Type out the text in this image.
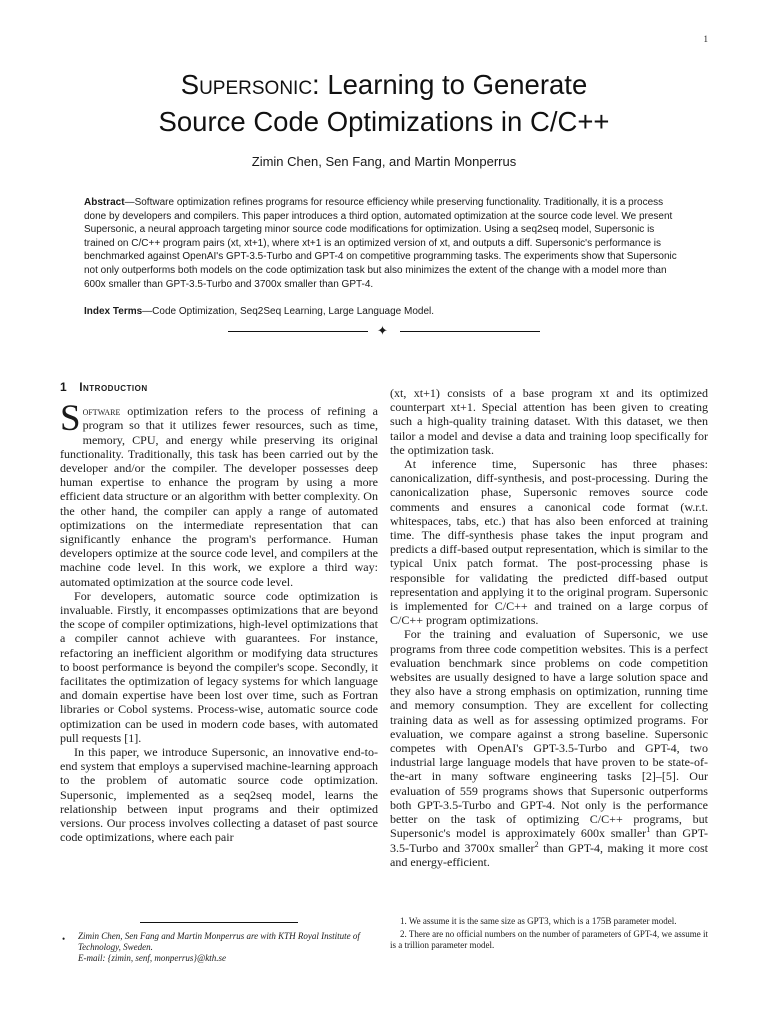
1
Supersonic: Learning to Generate
Source Code Optimizations in C/C++
Zimin Chen, Sen Fang, and Martin Monperrus
Abstract—Software optimization refines programs for resource efficiency while preserving functionality. Traditionally, it is a process done by developers and compilers. This paper introduces a third option, automated optimization at the source code level. We present Supersonic, a neural approach targeting minor source code modifications for optimization. Using a seq2seq model, Supersonic is trained on C/C++ program pairs (xt, xt+1), where xt+1 is an optimized version of xt, and outputs a diff. Supersonic's performance is benchmarked against OpenAI's GPT-3.5-Turbo and GPT-4 on competitive programming tasks. The experiments show that Supersonic not only outperforms both models on the code optimization task but also minimizes the extent of the change with a model more than 600x smaller than GPT-3.5-Turbo and 3700x smaller than GPT-4.
Index Terms—Code Optimization, Seq2Seq Learning, Large Language Model.
✦
1 Introduction

Software optimization refers to the process of refining a program so that it utilizes fewer resources, such as time, memory, CPU, and energy while preserving its original functionality. Traditionally, this task has been carried out by the developer and/or the compiler. The developer possesses deep human expertise to enhance the program by using a more efficient data structure or an algorithm with better complexity. On the other hand, the compiler can apply a range of automated optimizations on the intermediate representation that can significantly enhance the program's performance. Human developers optimize at the source code level, and compilers at the machine code level. In this work, we explore a third way: automated optimization at the source code level.

For developers, automatic source code optimization is invaluable. Firstly, it encompasses optimizations that are beyond the scope of compiler optimizations, high-level optimizations that a compiler cannot achieve with guarantees. For instance, refactoring an inefficient algorithm or modifying data structures to boost performance is beyond the compiler's scope. Secondly, it facilitates the optimization of legacy systems for which language and domain expertise have been lost over time, such as Fortran libraries or Cobol systems. Process-wise, automatic source code optimization can be used in modern code bases, with automated pull requests [1].

In this paper, we introduce Supersonic, an innovative end-to-end system that employs a supervised machine-learning approach to the problem of automatic source code optimization. Supersonic, implemented as a seq2seq model, learns the relationship between input programs and their optimized versions. Our process involves collecting a dataset of past source code optimizations, where each pair

(xt, xt+1) consists of a base program xt and its optimized counterpart xt+1. Special attention has been given to creating such a high-quality training dataset. With this dataset, we then tailor a model and devise a data and training loop specifically for the optimization task.

At inference time, Supersonic has three phases: canonicalization, diff-synthesis, and post-processing. During the canonicalization phase, Supersonic removes source code comments and ensures a canonical code format (w.r.t. whitespaces, tabs, etc.) that has also been enforced at training time. The diff-synthesis phase takes the input program and predicts a diff-based output representation, which is similar to the typical Unix patch format. The post-processing phase is responsible for validating the predicted diff-based output representation and applying it to the original program. Supersonic is implemented for C/C++ and trained on a large corpus of C/C++ program optimizations.

For the training and evaluation of Supersonic, we use programs from three code competition websites. This is a perfect evaluation benchmark since problems on code competition websites are usually designed to have a large solution space and they also have a strong emphasis on optimization, running time and memory consumption. They are excellent for collecting training data as well as for assessing optimized programs. For evaluation, we compare against a strong baseline. Supersonic competes with OpenAI's GPT-3.5-Turbo and GPT-4, two industrial large language models that have proven to be state-of-the-art in many software engineering tasks [2]–[5]. Our evaluation of 559 programs shows that Supersonic outperforms both GPT-3.5-Turbo and GPT-4. Not only is the performance better on the task of optimizing C/C++ programs, but Supersonic's model is approximately 600x smaller$^1$ than GPT-3.5-Turbo and 3700x smaller$^2$ than GPT-4, making it more cost and energy-efficient.

• Zimin Chen, Sen Fang and Martin Monperrus are with KTH Royal Institute of Technology, Sweden.
E-mail: {zimin, senf, monperrus}@kth.se

1. We assume it is the same size as GPT3, which is a 175B parameter model.

2. There are no official numbers on the number of parameters of GPT-4, we assume it is a trillion parameter model.
